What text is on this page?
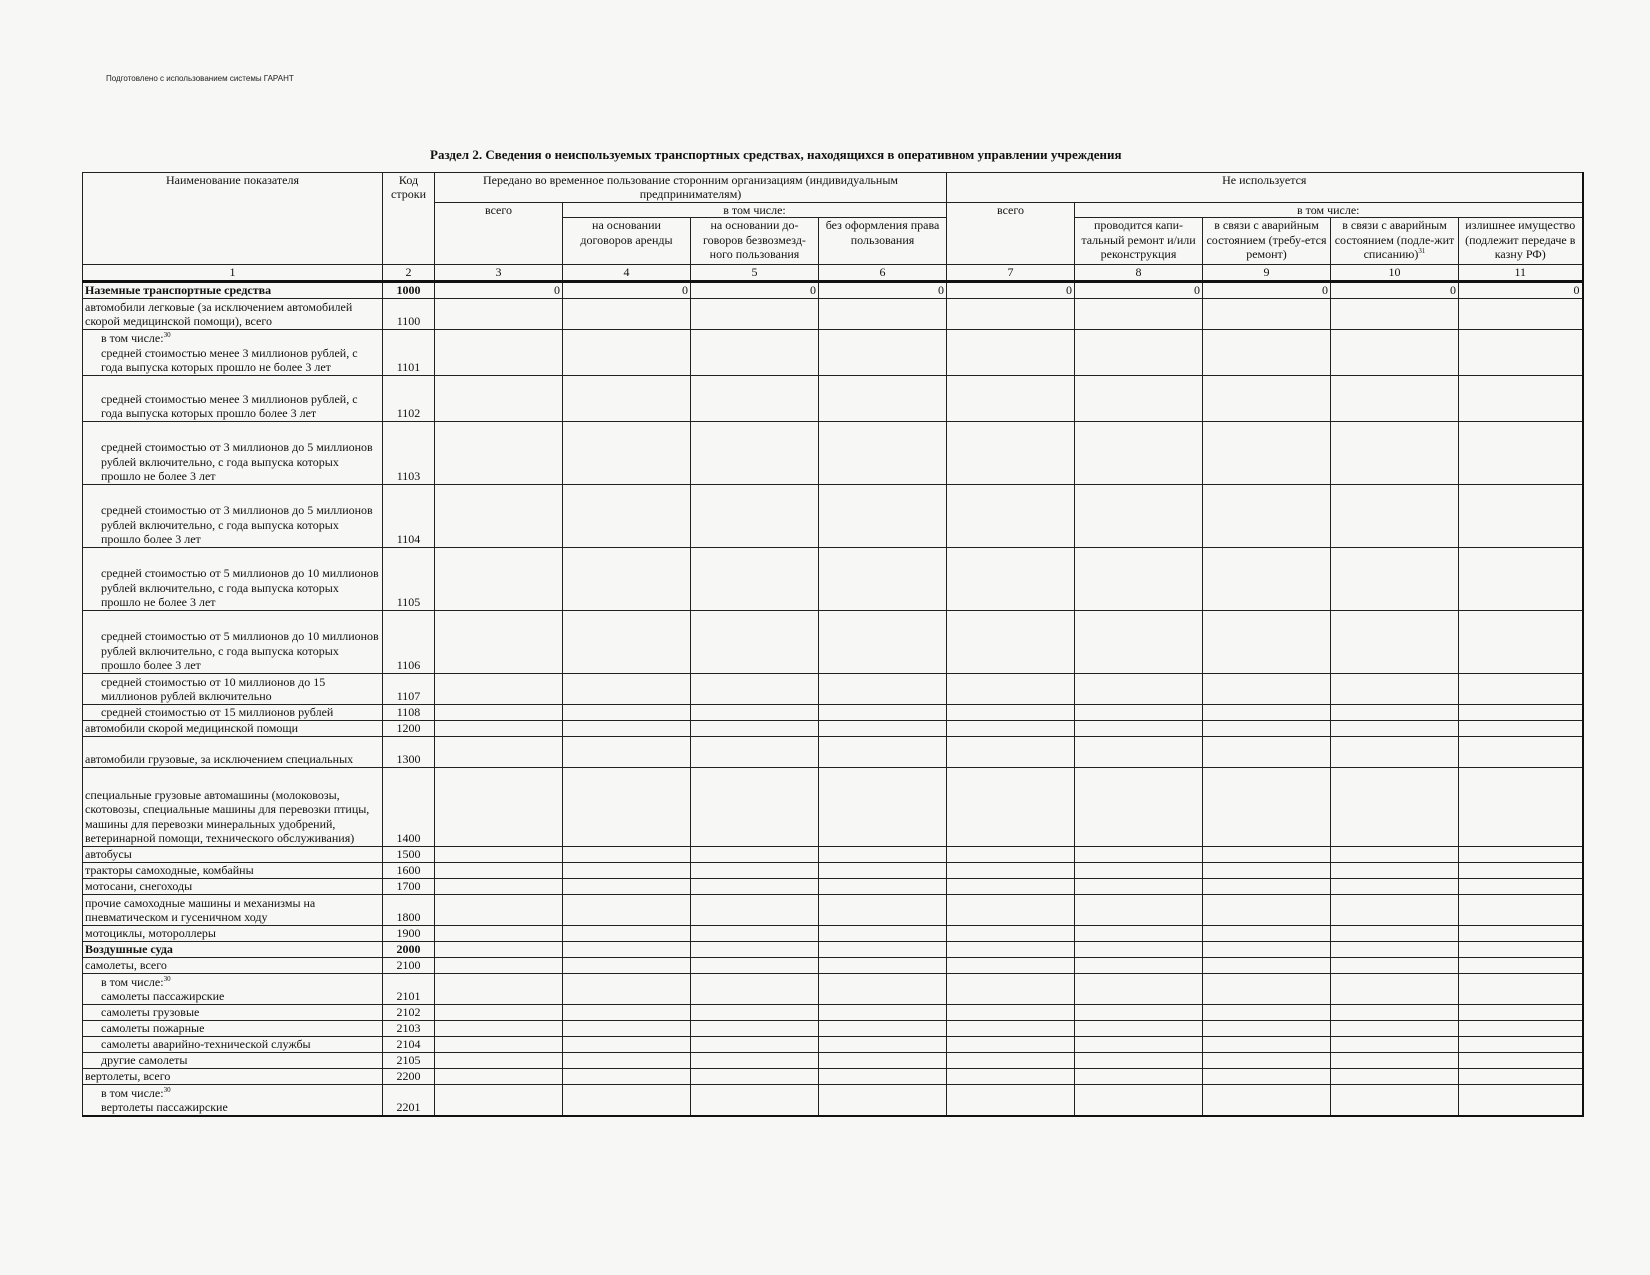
Подготовлено с использованием системы ГАРАНТ
Раздел 2. Сведения о неиспользуемых транспортных средствах, находящихся в оперативном управлении учреждения
Наименование показателя	Код строки	Передано во временное пользование сторонним организациям (индивидуальным предпринимателям)				Не используется				
		всего	в том числе:			всего	в том числе:			
			на основании договоров аренды	на основании до-говоров безвозмезд-ного пользования	без оформления права пользования		проводится капи-тальный ремонт и/или реконструкция	в связи с аварийным состоянием (требу-ется ремонт)	в связи с аварийным состоянием (подле-жит списанию)$^{31}$	излишнее имущество (подлежит передаче в казну РФ)
1	2	3	4	5	6	7	8	9	10	11
Наземные транспортные средства	1000	0	0	0	0	0	0	0	0	0
автомобили легковые (за исключением автомобилей скорой медицинской помощи), всего	1100									
в том числе:$^{30}$
средней стоимостью менее 3 миллионов рублей, с года выпуска которых прошло не более 3 лет	1101									
средней стоимостью менее 3 миллионов рублей, с года выпуска которых прошло более 3 лет	1102									
средней стоимостью от 3 миллионов до 5 миллионов рублей включительно, с года выпуска которых прошло не более 3 лет	1103									
средней стоимостью от 3 миллионов до 5 миллионов рублей включительно, с года выпуска которых прошло более 3 лет	1104									
средней стоимостью от 5 миллионов до 10 миллионов рублей включительно, с года выпуска которых прошло не более 3 лет	1105									
средней стоимостью от 5 миллионов до 10 миллионов рублей включительно, с года выпуска которых прошло более 3 лет	1106									
средней стоимостью от 10 миллионов до 15 миллионов рублей включительно	1107									
средней стоимостью от 15 миллионов рублей	1108									
автомобили скорой медицинской помощи	1200									
автомобили грузовые, за исключением специальных	1300									
специальные грузовые автомашины (молоковозы, скотовозы, специальные машины для перевозки птицы, машины для перевозки минеральных удобрений, ветеринарной помощи, технического обслуживания)	1400									
автобусы	1500									
тракторы самоходные, комбайны	1600									
мотосани, снегоходы	1700									
прочие самоходные машины и механизмы на пневматическом и гусеничном ходу	1800									
мотоциклы, мотороллеры	1900									
Воздушные суда	2000									
самолеты, всего	2100									
в том числе:$^{30}$
самолеты пассажирские	2101									
самолеты грузовые	2102									
самолеты пожарные	2103									
самолеты аварийно-технической службы	2104									
другие самолеты	2105									
вертолеты, всего	2200									
в том числе:$^{30}$
вертолеты пассажирские	2201									
